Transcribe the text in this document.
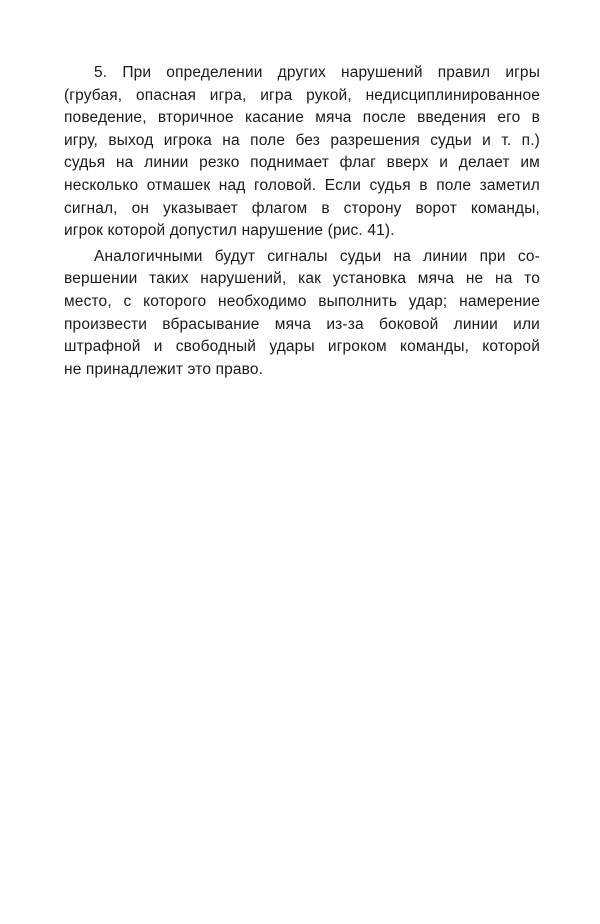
5. При определении других нарушений правил игры
(грубая, опасная игра, игра рукой, недисциплинированное
поведение, вторичное касание мяча после введения его в
игру, выход игрока на поле без разрешения судьи и т. п.)
судья на линии резко поднимает флаг вверх и делает им
несколько отмашек над головой. Если судья в поле заметил
сигнал, он указывает флагом в сторону ворот команды,
игрок которой допустил нарушение (рис. 41).
Аналогичными будут сигналы судьи на линии при со-
вершении таких нарушений, как установка мяча не на то
место, с которого необходимо выполнить удар; намерение
произвести вбрасывание мяча из-за боковой линии или
штрафной и свободный удары игроком команды, которой
не принадлежит это право.
